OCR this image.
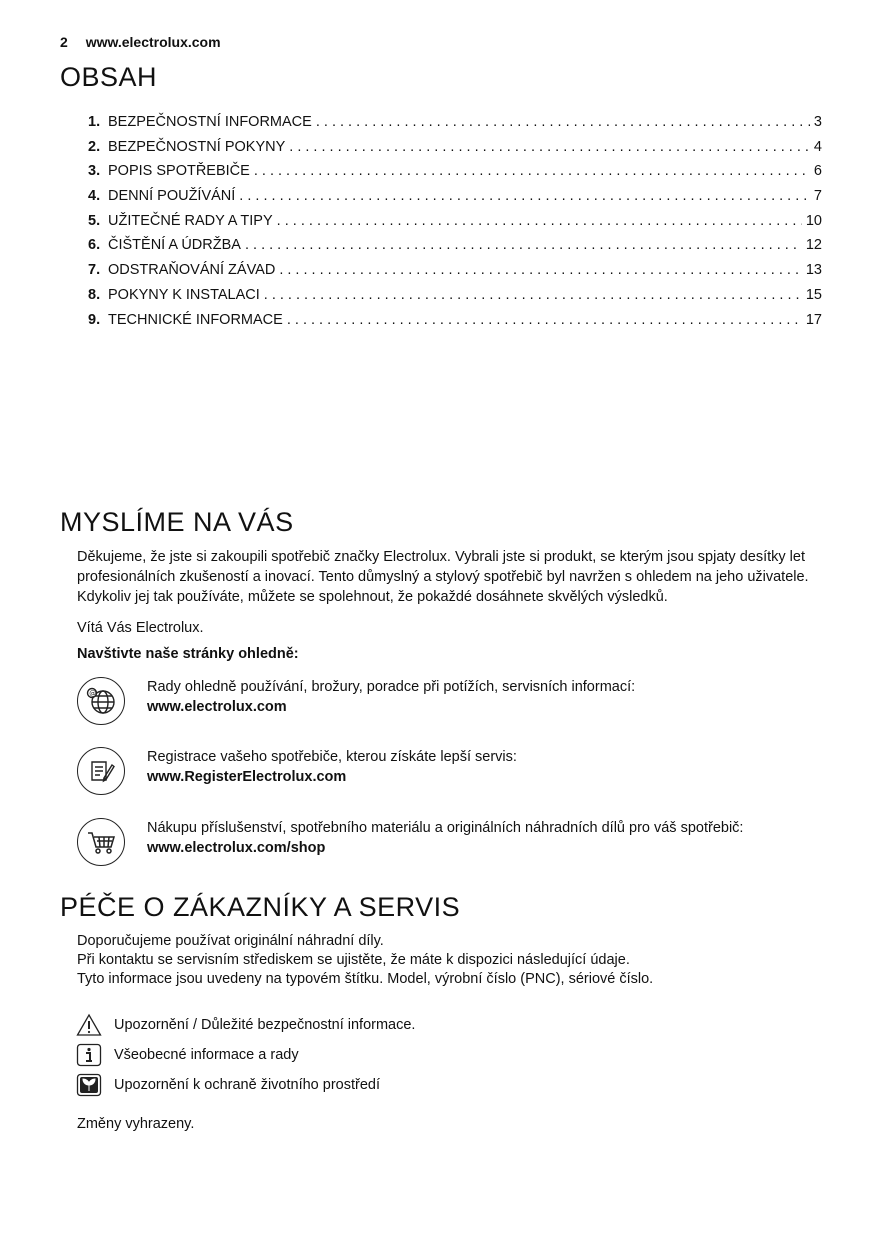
2 www.electrolux.com
OBSAH
1. BEZPEČNOSTNÍ INFORMACE . . .	3
2. BEZPEČNOSTNÍ POKYNY . . .	4
3. POPIS SPOTŘEBIČE . . .	6
4. DENNÍ POUŽÍVÁNÍ . . .	7
5. UŽITEČNÉ RADY A TIPY . . .	10
6. ČIŠTĚNÍ A ÚDRŽBA . . .	12
7. ODSTRAŇOVÁNÍ ZÁVAD . . .	13
8. POKYNY K INSTALACI . . .	15
9. TECHNICKÉ INFORMACE . . .	17
MYSLÍME NA VÁS
Děkujeme, že jste si zakoupili spotřebič značky Electrolux. Vybrali jste si produkt, se kterým jsou spjaty desítky let profesionálních zkušeností a inovací. Tento důmyslný a stylový spotřebič byl navržen s ohledem na jeho uživatele. Kdykoliv jej tak používáte, můžete se spolehnout, že pokaždé dosáhnete skvělých výsledků.
Vítá Vás Electrolux.
Navštivte naše stránky ohledně:
@	Rady ohledně používání, brožury, poradce při potížích, servisních informací:
www.electrolux.com
Registrace vašeho spotřebiče, kterou získáte lepší servis:
www.RegisterElectrolux.com
Nákupu příslušenství, spotřebního materiálu a originálních náhradních dílů pro váš spotřebič:
www.electrolux.com/shop
PÉČE O ZÁKAZNÍKY A SERVIS
Doporučujeme používat originální náhradní díly.
Při kontaktu se servisním střediskem se ujistěte, že máte k dispozici následující údaje.
Tyto informace jsou uvedeny na typovém štítku. Model, výrobní číslo (PNC), sériové číslo.
Upozornění / Důležité bezpečnostní informace.
Všeobecné informace a rady
Upozornění k ochraně životního prostředí
Změny vyhrazeny.
